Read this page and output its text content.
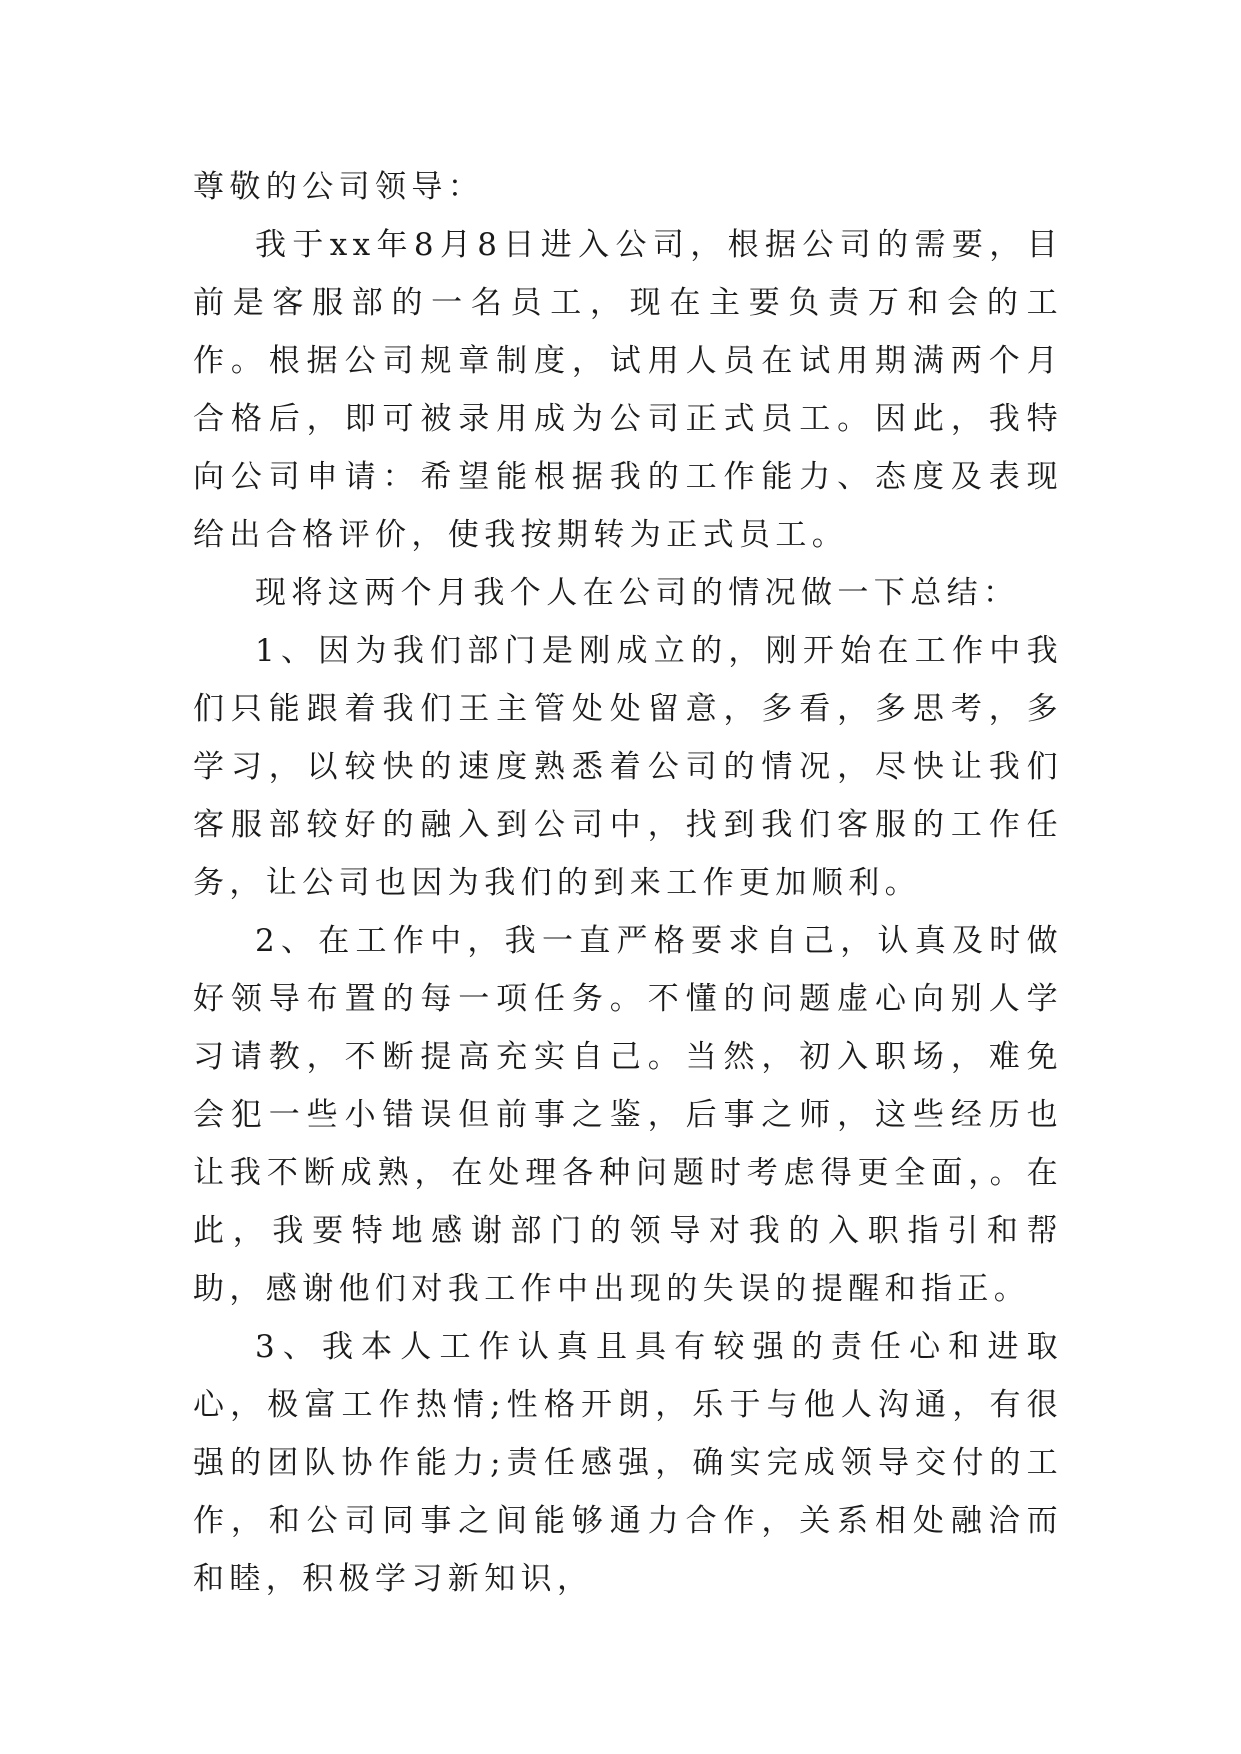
尊敬的公司领导：

我于xx年8月8日进入公司，根据公司的需要，目前是客服部的一名员工，现在主要负责万和会的工作。根据公司规章制度，试用人员在试用期满两个月合格后，即可被录用成为公司正式员工。因此，我特向公司申请：希望能根据我的工作能力、态度及表现给出合格评价，使我按期转为正式员工。

现将这两个月我个人在公司的情况做一下总结：

1、因为我们部门是刚成立的，刚开始在工作中我们只能跟着我们王主管处处留意，多看，多思考，多学习，以较快的速度熟悉着公司的情况，尽快让我们客服部较好的融入到公司中，找到我们客服的工作任务，让公司也因为我们的到来工作更加顺利。

2、在工作中，我一直严格要求自己，认真及时做好领导布置的每一项任务。不懂的问题虚心向别人学习请教，不断提高充实自己。当然，初入职场，难免会犯一些小错误但前事之鉴，后事之师，这些经历也让我不断成熟，在处理各种问题时考虑得更全面，。在此，我要特地感谢部门的领导对我的入职指引和帮助，感谢他们对我工作中出现的失误的提醒和指正。

3、我本人工作认真且具有较强的责任心和进取心，极富工作热情;性格开朗，乐于与他人沟通，有很强的团队协作能力;责任感强，确实完成领导交付的工作，和公司同事之间能够通力合作，关系相处融洽而和睦，积极学习新知识，
